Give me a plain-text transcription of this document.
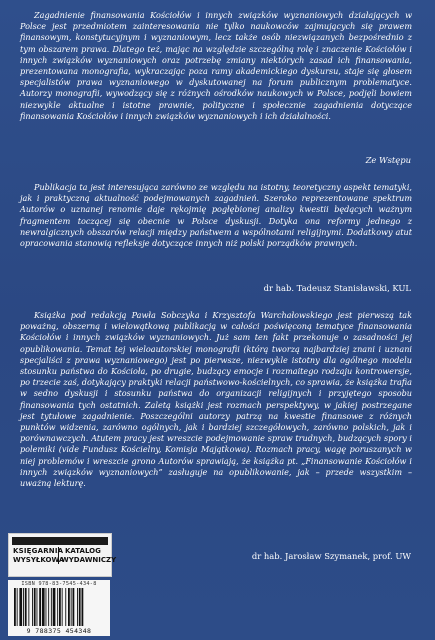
Zagadnienie finansowania Kościołów i innych związków wyznaniowych działających w Polsce jest przedmiotem zainteresowania nie tylko naukowców zajmujących się prawem finansowym, konstytucyjnym i wyznaniowym, lecz także osób niezwiązanych bezpośrednio z tym obszarem prawa. Dlatego też, mając na względzie szczególną rolę i znaczenie Kościołów i innych związków wyznaniowych oraz potrzebę zmiany niektórych zasad ich finansowania, prezentowana monografia, wykraczając poza ramy akademickiego dyskursu, staje się głosem specjalistów prawa wyznaniowego w dyskutowanej na forum publicznym problematyce. Autorzy monografii, wywodzący się z różnych ośrodków naukowych w Polsce, podjęli bowiem niezwykle aktualne i istotne prawnie, polityczne i społecznie zagadnienia dotyczące finansowania Kościołów i innych związków wyznaniowych i ich działalności.

Ze Wstępu

Publikacja ta jest interesująca zarówno ze względu na istotny, teoretyczny aspekt tematyki, jak i praktyczną aktualność podejmowanych zagadnień. Szeroko reprezentowane spektrum Autorów o uznanej renomie daje rękojmię pogłębionej analizy kwestii będących ważnym fragmentem toczącej się obecnie w Polsce dyskusji. Dotyka ona reformy jednego z newralgicznych obszarów relacji między państwem a wspólnotami religijnymi. Dodatkowy atut opracowania stanowią refleksje dotyczące innych niż polski porządków prawnych.

dr hab. Tadeusz Stanisławski, KUL

Książka pod redakcją Pawła Sobczyka i Krzysztofa Warchałowskiego jest pierwszą tak poważną, obszerną i wielowątkową publikacją w całości poświęconą tematyce finansowania Kościołów i innych związków wyznaniowych. Już sam ten fakt przekonuje o zasadności jej opublikowania. Temat tej wieloautorskiej monografii (którą tworzą najbardziej znani i uznani specjaliści z prawa wyznaniowego) jest po pierwsze, niezwykle istotny dla ogólnego modelu stosunku państwa do Kościoła, po drugie, budzący emocje i rozmaitego rodzaju kontrowersje, po trzecie zaś, dotykający praktyki relacji państwowo-kościelnych, co sprawia, że książka trafia w sedno dyskusji i stosunku państwa do organizacji religijnych i przyjętego sposobu finansowania tych ostatnich. Zaletą książki jest rozmach perspektywy, w jakiej postrzegane jest tytułowe zagadnienie. Poszczególni autorzy patrzą na kwestie finansowe z różnych punktów widzenia, zarówno ogólnych, jak i bardziej szczegółowych, zarówno polskich, jak i porównawczych. Atutem pracy jest wreszcie podejmowanie spraw trudnych, budzących spory i polemiki (vide Fundusz Kościelny, Komisja Majątkowa). Rozmach pracy, wagę poruszanych w niej problemów i wreszcie grono Autorów sprawiają, że książka pt. „Finansowanie Kościołów i innych związków wyznaniowych” zasługuje na opublikowanie, jak – przede wszystkim – uważną lekturę.

dr hab. Jarosław Szymanek, prof. UW
KSIĘGARNIA KATALOG
WYSYŁKOWA
WYDAWNICZY
ISBN 978-83-7545-434-8
9 788375 454348
